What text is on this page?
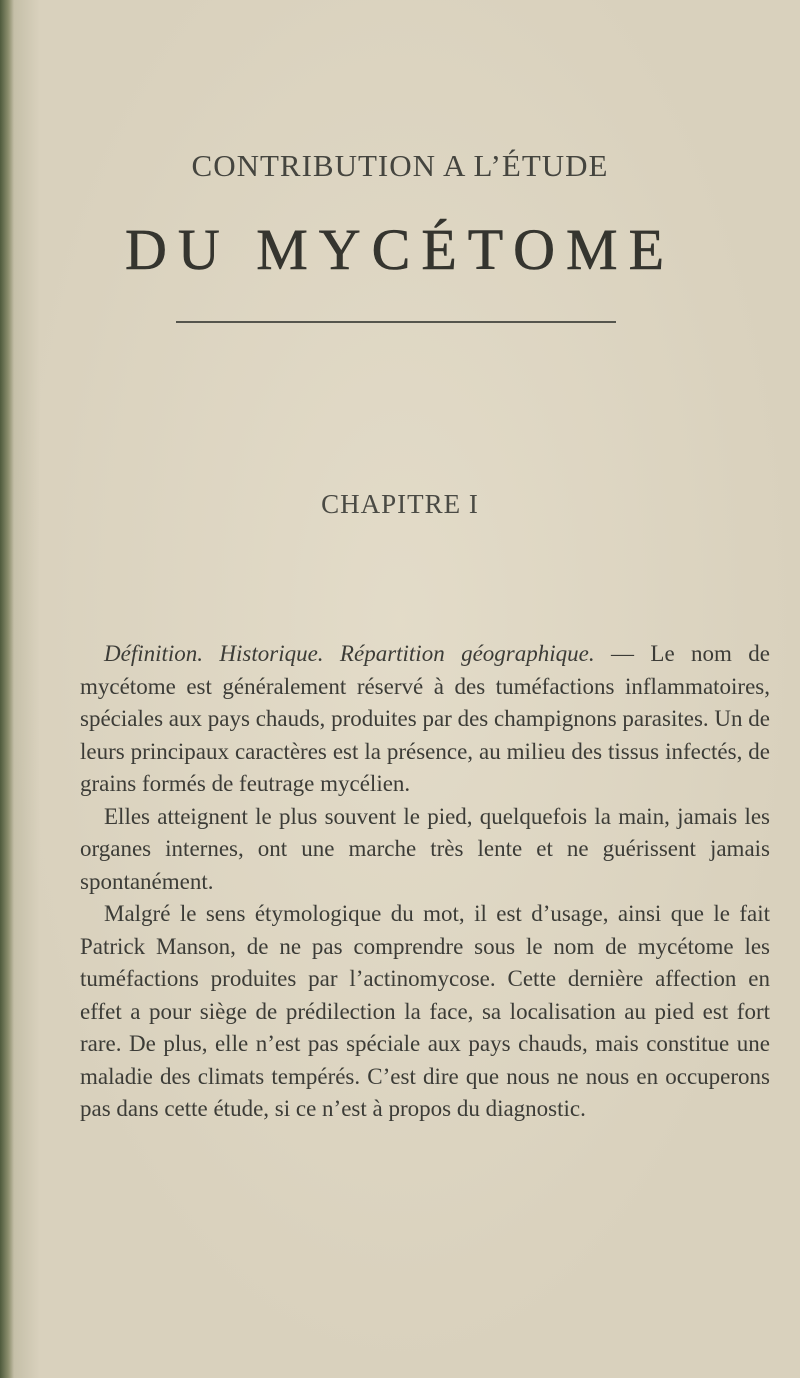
CONTRIBUTION A L’ÉTUDE
DU MYCÉTOME
CHAPITRE I

Définition. Historique. Répartition géographique. — Le nom de mycétome est généralement réservé à des tuméfactions inflammatoires, spéciales aux pays chauds, produites par des champignons parasites. Un de leurs principaux caractères est la présence, au milieu des tissus infectés, de grains formés de feutrage mycélien.

Elles atteignent le plus souvent le pied, quelquefois la main, jamais les organes internes, ont une marche très lente et ne guérissent jamais spontanément.

Malgré le sens étymologique du mot, il est d’usage, ainsi que le fait Patrick Manson, de ne pas comprendre sous le nom de mycétome les tuméfactions produites par l’actinomycose. Cette dernière affection en effet a pour siège de prédilection la face, sa localisation au pied est fort rare. De plus, elle n’est pas spéciale aux pays chauds, mais constitue une maladie des climats tempérés. C’est dire que nous ne nous en occuperons pas dans cette étude, si ce n’est à propos du diagnostic.
